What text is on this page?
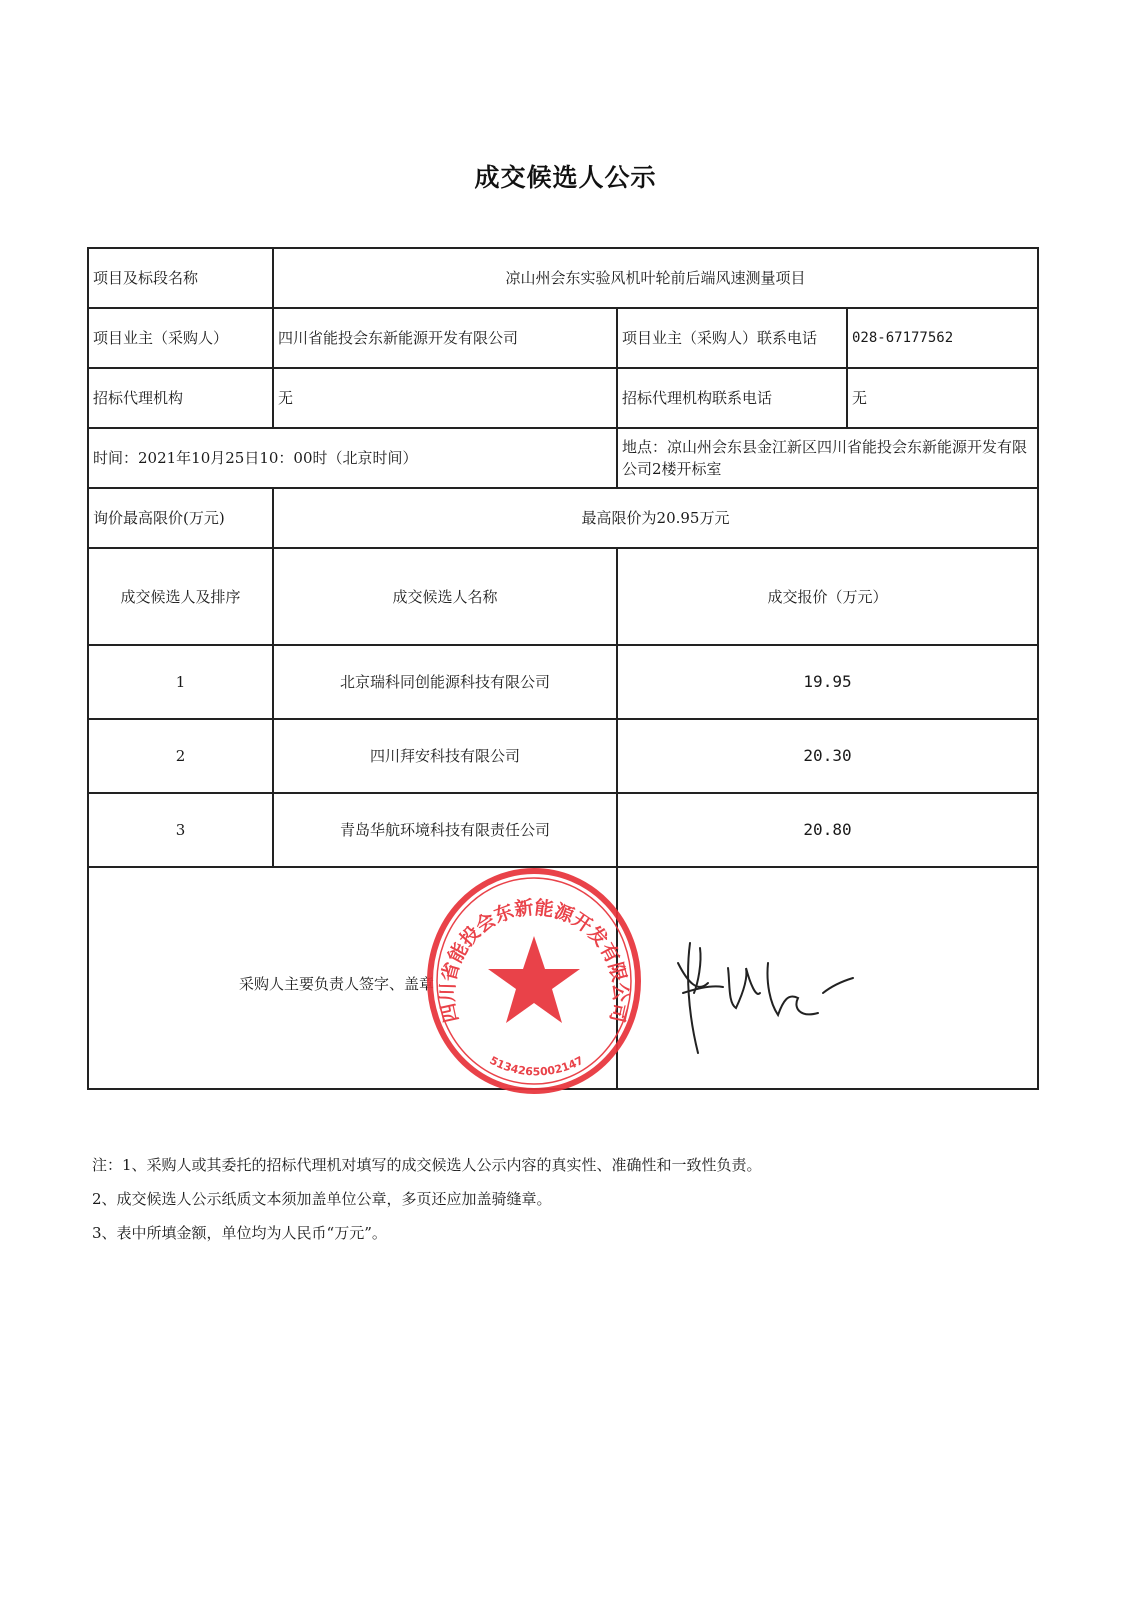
成交候选人公示
项目及标段名称	凉山州会东实验风机叶轮前后端风速测量项目		
项目业主（采购人）	四川省能投会东新能源开发有限公司	项目业主（采购人）联系电话	028-67177562
招标代理机构	无	招标代理机构联系电话	无
时间：2021年10月25日10：00时（北京时间）		地点：凉山州会东县金江新区四川省能投会东新能源开发有限公司2楼开标室	
询价最高限价(万元)	最高限价为20.95万元		
成交候选人及排序	成交候选人名称	成交报价（万元）	
1	北京瑞科同创能源科技有限公司	19.95	
2	四川拜安科技有限公司	20.30	
3	青岛华航环境科技有限责任公司	20.80	

采购人主要负责人签字、盖章
四川省能投会东新能源开发有限公司
5134265002147

注：1、采购人或其委托的招标代理机对填写的成交候选人公示内容的真实性、准确性和一致性负责。
2、成交候选人公示纸质文本须加盖单位公章，多页还应加盖骑缝章。
3、表中所填金额，单位均为人民币“万元”。
